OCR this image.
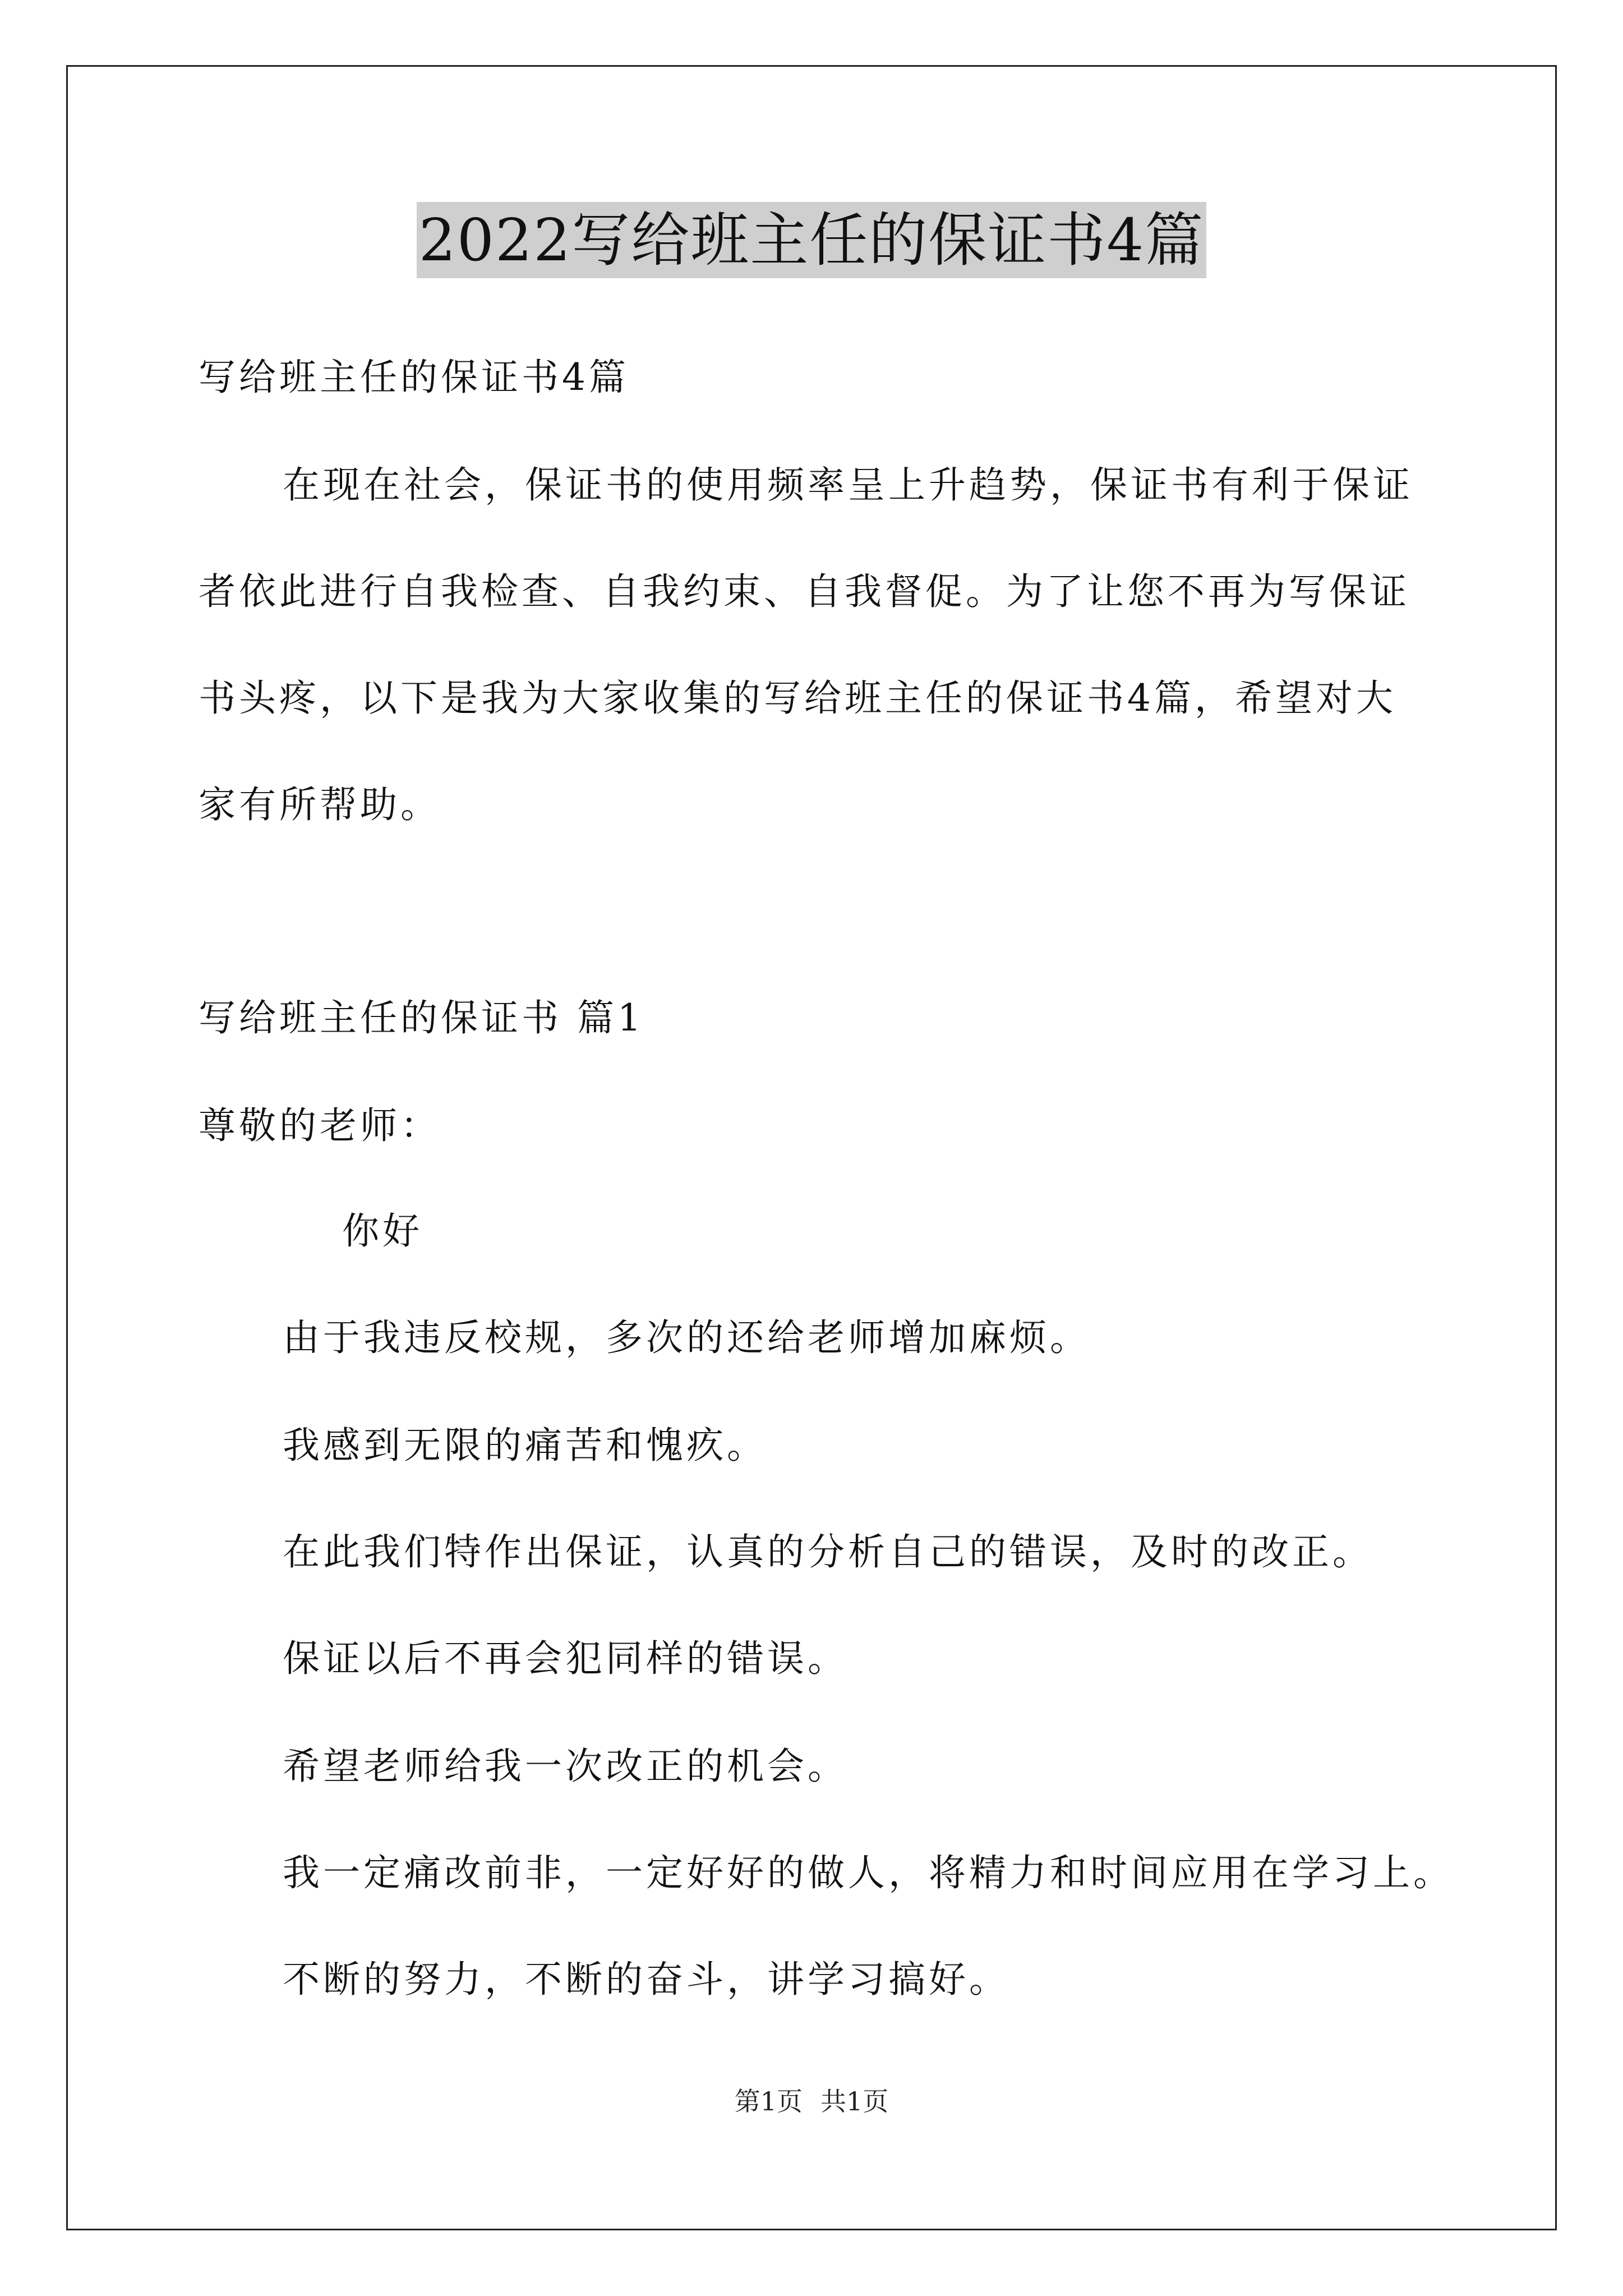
2022写给班主任的保证书4篇
写给班主任的保证书4篇
在现在社会，保证书的使用频率呈上升趋势，保证书有利于保证
者依此进行自我检查、自我约束、自我督促。为了让您不再为写保证
书头疼，以下是我为大家收集的写给班主任的保证书4篇，希望对大
家有所帮助。
写给班主任的保证书 篇1
尊敬的老师：
你好
由于我违反校规，多次的还给老师增加麻烦。
我感到无限的痛苦和愧疚。
在此我们特作出保证，认真的分析自己的错误，及时的改正。
保证以后不再会犯同样的错误。
希望老师给我一次改正的机会。
我一定痛改前非，一定好好的做人，将精力和时间应用在学习上。
不断的努力，不断的奋斗，讲学习搞好。
第1页 共1页
